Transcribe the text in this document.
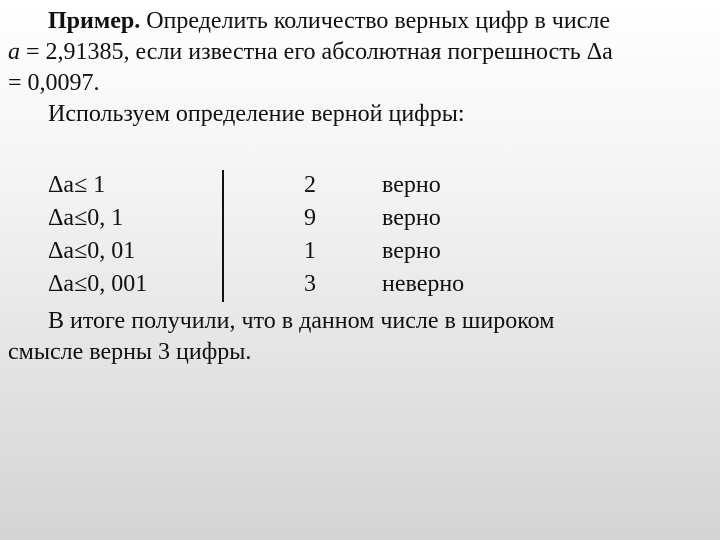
Пример. Определить количество верных цифр в числе
a = 2,91385, если известна его абсолютная погрешность Δа
= 0,0097.
Используем определение верной цифры:
Δа≤ 1	2	верно
Δа≤0, 1	9	верно
Δа≤0, 01	1	верно
Δа≤0, 001	3	неверно
В итоге получили, что в данном числе в широком
смысле верны 3 цифры.
